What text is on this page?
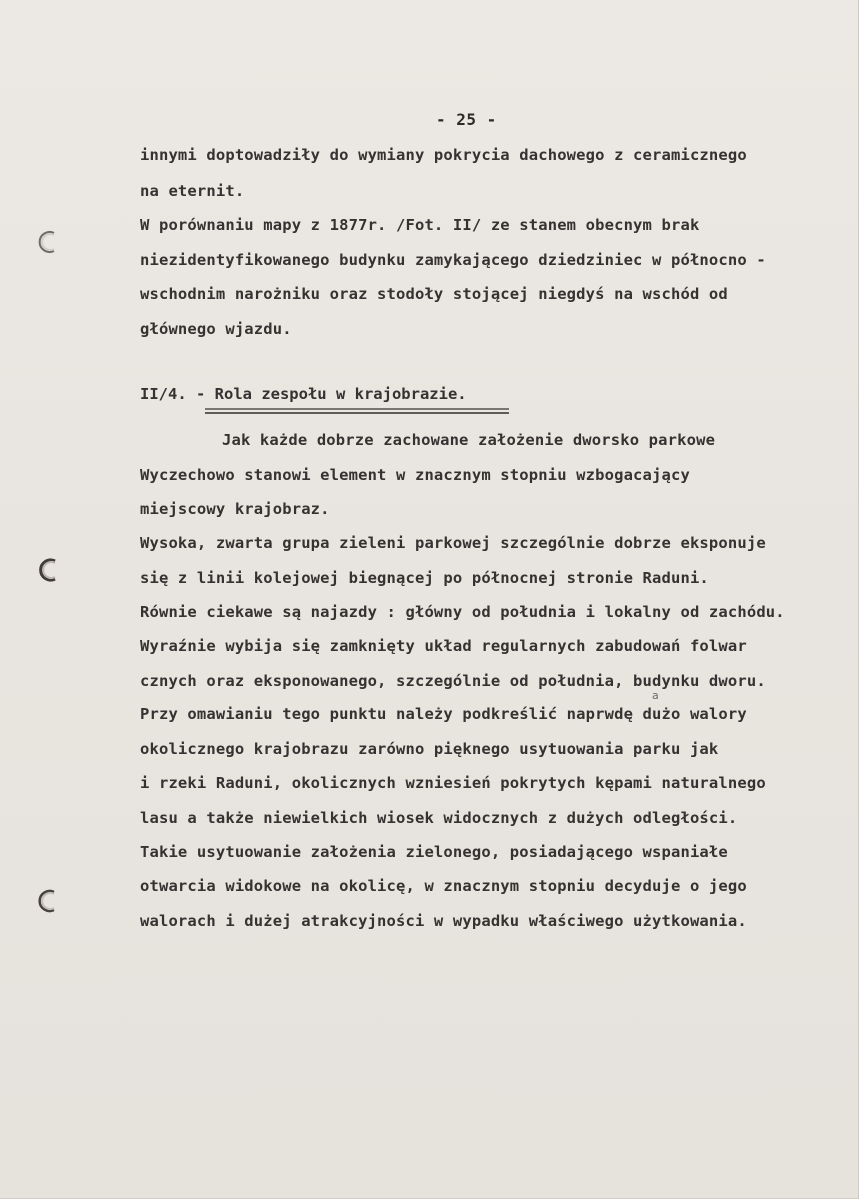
- 25 -
innymi doptowadziły do wymiany pokrycia dachowego z ceramicznego
na eternit.
W porównaniu mapy z 1877r. /Fot. II/ ze stanem obecnym brak
niezidentyfikowanego budynku zamykającego dziedziniec w północno -
wschodnim narożniku oraz stodoły stojącej niegdyś na wschód od
głównego wjazdu.
II/4. - Rola zespołu w krajobrazie.
Jak każde dobrze zachowane założenie dworsko parkowe
Wyczechowo stanowi element w znacznym stopniu wzbogacający
miejscowy krajobraz.
Wysoka, zwarta grupa zieleni parkowej szczególnie dobrze eksponuje
się z linii kolejowej biegnącej po północnej stronie Raduni.
Równie ciekawe są najazdy : główny od południa i lokalny od zachódu.
Wyraźnie wybija się zamknięty układ regularnych zabudowań folwar
cznych oraz eksponowanego, szczególnie od południa, budynku dworu.
Przy omawianiu tego punktu należy podkreślić naprwdę dużo walory
a
okolicznego krajobrazu zarówno pięknego usytuowania parku jak
i rzeki Raduni, okolicznych wzniesień pokrytych kępami naturalnego
lasu a także niewielkich wiosek widocznych z dużych odległości.
Takie usytuowanie założenia zielonego, posiadającego wspaniałe
otwarcia widokowe na okolicę, w znacznym stopniu decyduje o jego
walorach i dużej atrakcyjności w wypadku właściwego użytkowania.
